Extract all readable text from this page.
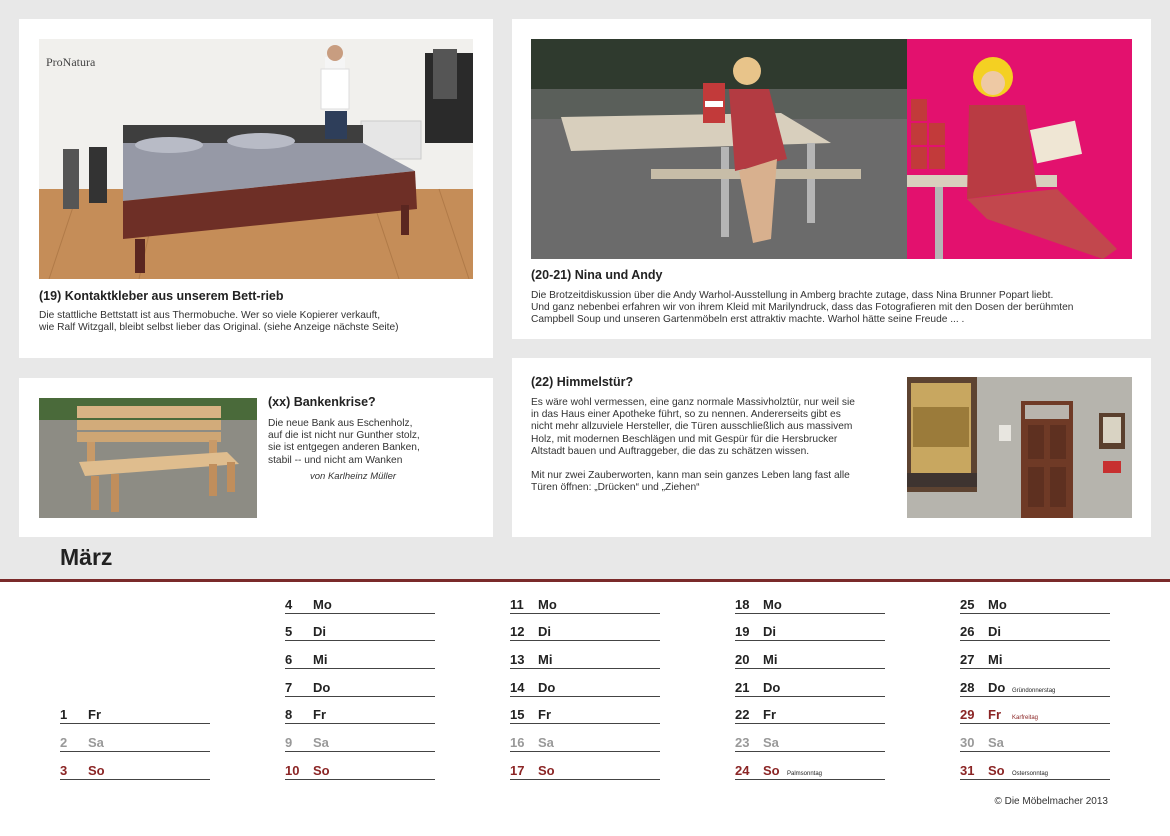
ProNatura
(19) Kontaktkleber aus unserem Bett-rieb
Die stattliche Bettstatt ist aus Thermobuche. Wer so viele Kopierer verkauft,
wie Ralf Witzgall, bleibt selbst lieber das Original. (siehe Anzeige nächste Seite)
(20-21) Nina und Andy
Die Brotzeitdiskussion über die Andy Warhol-Ausstellung in Amberg brachte zutage, dass Nina Brunner Popart liebt.
Und ganz nebenbei erfahren wir von ihrem Kleid mit Marilyndruck, dass das Fotografieren mit den Dosen der berühmten
Campbell Soup und unseren Gartenmöbeln erst attraktiv machte. Warhol hätte seine Freude ... .
(xx) Bankenkrise?
Die neue Bank aus Eschenholz,
auf die ist nicht nur Gunther stolz,
sie ist entgegen anderen Banken,
stabil -- und nicht am Wanken
von Karlheinz Müller
(22) Himmelstür?
Es wäre wohl vermessen, eine ganz normale Massivholztür, nur weil sie
in das Haus einer Apotheke führt, so zu nennen. Andererseits gibt es
nicht mehr allzuviele Hersteller, die Türen ausschließlich aus massivem
Holz, mit modernen Beschlägen und mit Gespür für die Hersbrucker
Altstadt bauen und Auftraggeber, die das zu schätzen wissen.

Mit nur zwei Zauberworten, kann man sein ganzes Leben lang fast alle
Türen öffnen: „Drücken“ und „Ziehen“
März
1 Fr
2 Sa
3 So
4 Mo
5 Di
6 Mi
7 Do
8 Fr
9 Sa
10 So
11 Mo
12 Di
13 Mi
14 Do
15 Fr
16 Sa
17 So
18 Mo
19 Di
20 Mi
21 Do
22 Fr
23 Sa
24 So Palmsonntag
25 Mo
26 Di
27 Mi
28 Do Gründonnerstag
29 Fr Karfreitag
30 Sa
31 So Ostersonntag
© Die Möbelmacher 2013
